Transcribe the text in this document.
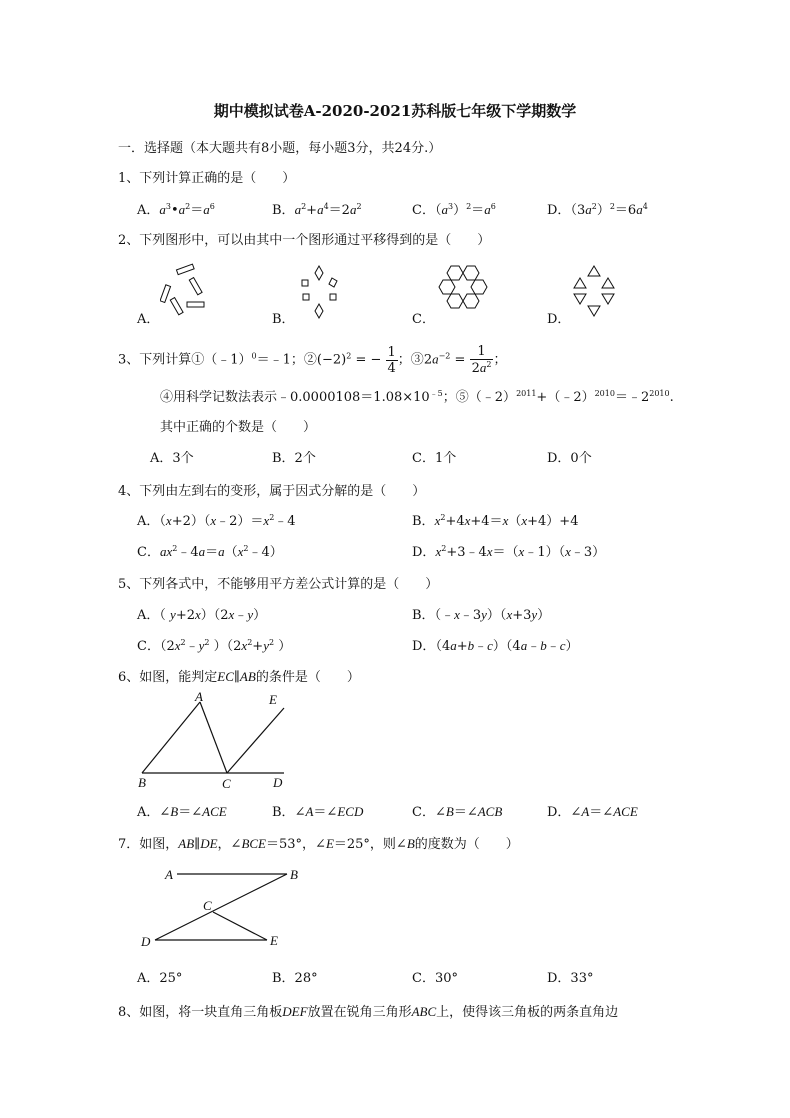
期中模拟试卷A-2020-2021苏科版七年级下学期数学
一．选择题（本大题共有8小题，每小题3分，共24分.）
1、下列计算正确的是（　　）
A．$a^3•a^2=a^6$	B．$a^2+a^4=2a^2$	C．$(a^3)^2=a^6$	D．$(3a^2)^2=6a^4$
2、下列图形中，可以由其中一个图形通过平移得到的是（　　）
A．	B．	C．	D．
3、下列计算①（﹣1）$^0$＝﹣1；$②(-2)^2$ = − $\frac{1}{4}$ ；$③2a^{-2} = \frac{1}{2a^2}$ ；
④用科学记数法表示$﹣0.0000108=1.08\times 10^{﹣5}$；$⑤(﹣2)^{2011}+(﹣2)^{2010}=﹣2^{2010}$.
其中正确的个数是（　　）
A．3个	B．2个	C．1个	D．0个
4、下列由左到右的变形，属于因式分解的是（　　）
A．$(x+2)(x﹣2)=x^2﹣4$	B．$x^2+4x+4=x(x+4)+4$
C．$ax^2﹣4a=a(x^2﹣4)$	D．$x^2+3﹣4x=(x﹣1)(x﹣3)$
5、下列各式中，不能够用平方差公式计算的是（　　）
A．（ y+2x）（2x﹣y）	B．（﹣x﹣3y）（x+3y）
C．（$2x^2﹣y^2$ ）（$2x^2+y^2$ ）	D．（4a+b﹣c）（4a﹣b﹣c）
6、如图，能判定EC∥AB的条件是（　　）
A	E
B	C	D
A．∠B＝∠ACE	B．∠A＝∠ECD	C．∠B＝∠ACB	D．∠A＝∠ACE
7．如图，AB∥DE，∠BCE＝53°，∠E＝25°，则∠B的度数为（　　）
A	B
C
D	E
A．25°	B．28°	C．30°	D．33°
8、如图，将一块直角三角板DEF放置在锐角三角形ABC上，使得该三角板的两条直角边
